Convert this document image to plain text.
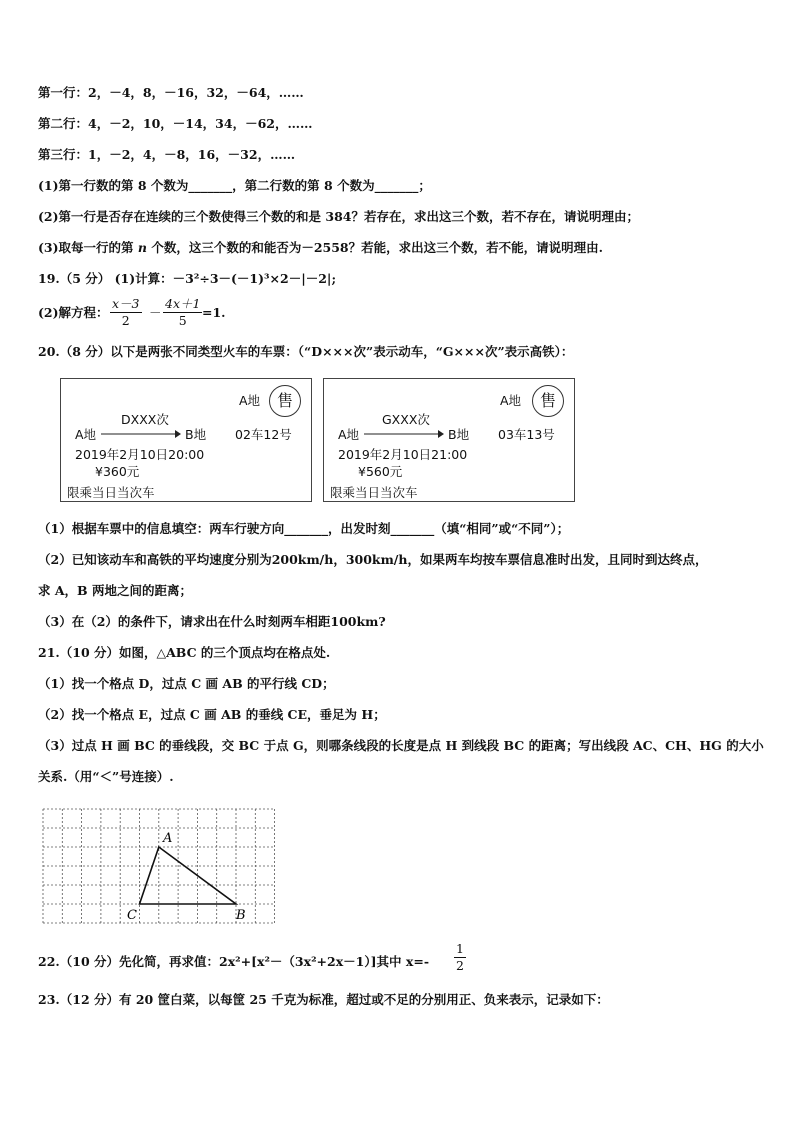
第一行：2，－4，8，－16，32，－64，……
第二行：4，－2，10，－14，34，－62，……
第三行：1，－2，4，－8，16，－32，……
(1)第一行数的第 8 个数为_______，第二行数的第 8 个数为_______；
(2)第一行是否存在连续的三个数使得三个数的和是 384？若存在，求出这三个数，若不存在，请说明理由；
(3)取每一行的第 n 个数，这三个数的和能否为－2558？若能，求出这三个数，若不能，请说明理由.
19.（5 分） (1)计算：－3²÷3－(－1)³×2－|－2|;
(2)解方程： $\frac{x-3}{2} - \frac{4x+1}{5} =1$.
20.（8 分）以下是两张不同类型火车的车票：（“D×××次”表示动车，“G×××次”表示高铁）：
A地	售
DXXX次
A地	B地 02车12号
2019年2月10日20:00
¥360元
限乘当日当次车
A地	售
GXXX次
A地	B地 03车13号
2019年2月10日21:00
¥560元
限乘当日当次车
（1）根据车票中的信息填空：两车行驶方向_______，出发时刻_______（填“相同”或“不同”）；
（2）已知该动车和高铁的平均速度分别为200km/h，300km/h，如果两车均按车票信息准时出发，且同时到达终点，
求 A，B 两地之间的距离；
（3）在（2）的条件下，请求出在什么时刻两车相距100km?
21.（10 分）如图，△ABC 的三个顶点均在格点处.
（1）找一个格点 D，过点 C 画 AB 的平行线 CD；
（2）找一个格点 E，过点 C 画 AB 的垂线 CE，垂足为 H；
（3）过点 H 画 BC 的垂线段，交 BC 于点 G，则哪条线段的长度是点 H 到线段 BC 的距离；写出线段 AC、CH、HG 的大小
关系.（用“＜”号连接）.
A
B
C
22.（10 分）先化简，再求值：2x²+[x²－（3x²+2x－1）]其中 $x=- \frac{1}{2}$
23.（12 分）有 20 筐白菜，以每筐 25 千克为标准，超过或不足的分别用正、负来表示，记录如下：
